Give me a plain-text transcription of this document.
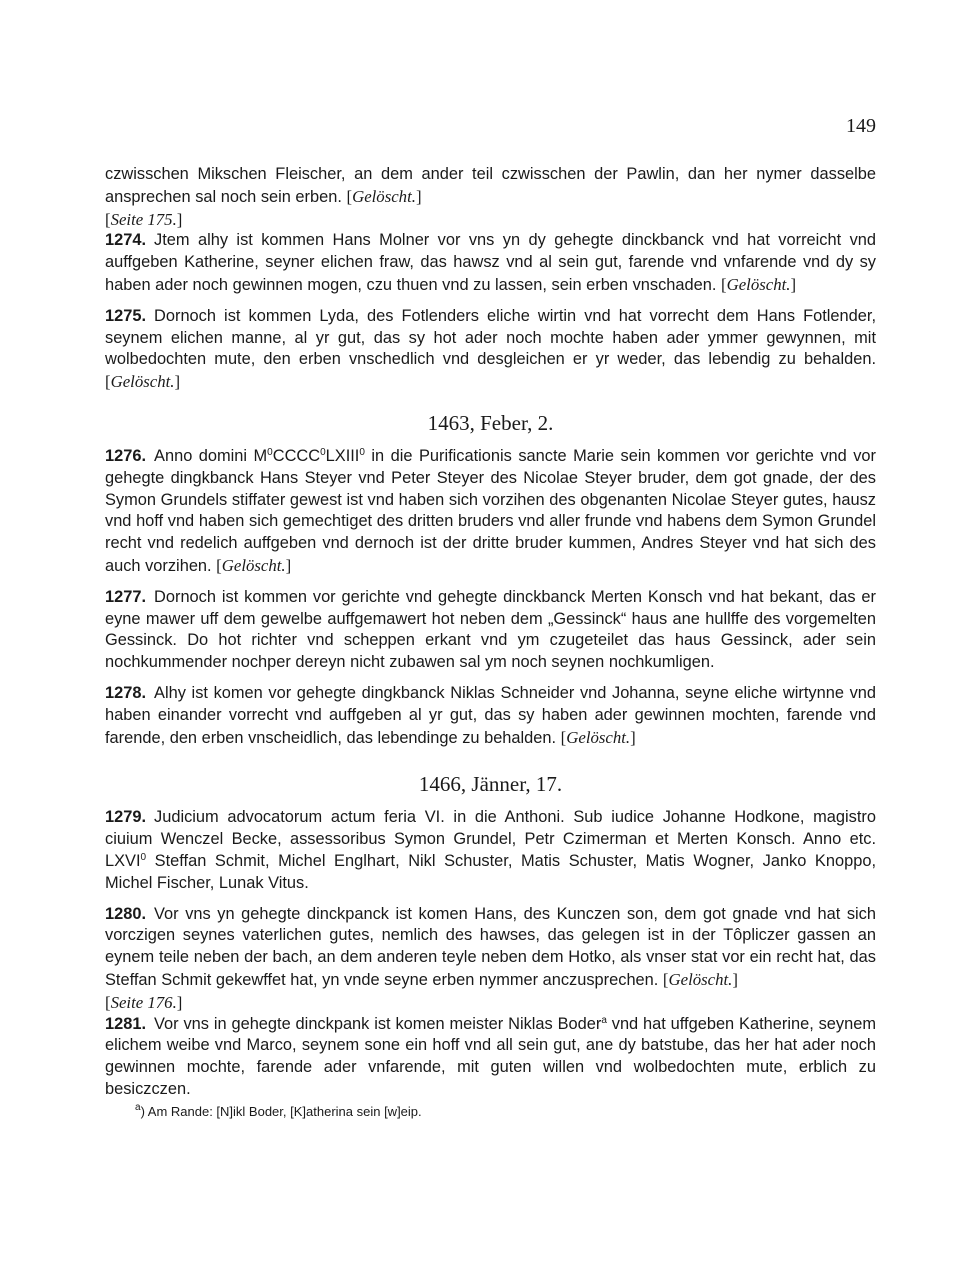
149

czwisschen Mikschen Fleischer, an dem ander teil czwisschen der Pawlin, dan her nymer dasselbe ansprechen sal noch sein erben. [Gelöscht.]

[Seite 175.]

1274. Jtem alhy ist kommen Hans Molner vor vns yn dy gehegte dinckbanck vnd hat vorreicht vnd auffgeben Katherine, seyner elichen fraw, das hawsz vnd al sein gut, farende vnd vnfarende vnd dy sy haben ader noch gewinnen mogen, czu thuen vnd zu lassen, sein erben vnschaden. [Gelöscht.]

1275. Dornoch ist kommen Lyda, des Fotlenders eliche wirtin vnd hat vorrecht dem Hans Fotlender, seynem elichen manne, al yr gut, das sy hot ader noch mochte haben ader ymmer gewynnen, mit wolbedochten mute, den erben vnschedlich vnd desgleichen er yr weder, das lebendig zu behalden. [Gelöscht.]

1463, Feber, 2.

1276. Anno domini $M^0CCCC^0LXIII^0$ in die Purificationis sancte Marie sein kommen vor gerichte vnd vor gehegte dingkbanck Hans Steyer vnd Peter Steyer des Nicolae Steyer bruder, dem got gnade, der des Symon Grundels stiffater gewest ist vnd haben sich vorzihen des obgenanten Nicolae Steyer gutes, hausz vnd hoff vnd haben sich gemechtiget des dritten bruders vnd aller frunde vnd habens dem Symon Grundel recht vnd redelich auffgeben vnd dernoch ist der dritte bruder kummen, Andres Steyer vnd hat sich des auch vorzihen. [Gelöscht.]

1277. Dornoch ist kommen vor gerichte vnd gehegte dinckbanck Merten Konsch vnd hat bekant, das er eyne mawer uff dem gewelbe auffgemawert hot neben dem „Gessinck“ haus ane hullffe des vorgemelten Gessinck. Do hot richter vnd scheppen erkant vnd ym czugeteilet das haus Gessinck, ader sein nochkummender nochper dereyn nicht zubawen sal ym noch seynen nochkumligen.

1278. Alhy ist komen vor gehegte dingkbanck Niklas Schneider vnd Johanna, seyne eliche wirtynne vnd haben einander vorrecht vnd auffgeben al yr gut, das sy haben ader gewinnen mochten, farende vnd farende, den erben vnscheidlich, das lebendinge zu behalden. [Gelöscht.]

1466, Jänner, 17.

1279. Judicium advocatorum actum feria VI. in die Anthoni. Sub iudice Johanne Hodkone, magistro ciuium Wenczel Becke, assessoribus Symon Grundel, Petr Czimerman et Merten Konsch. Anno etc. LXVI$^0$ Steffan Schmit, Michel Englhart, Nikl Schuster, Matis Schuster, Matis Wogner, Janko Knoppo, Michel Fischer, Lunak Vitus.

1280. Vor vns yn gehegte dinckpanck ist komen Hans, des Kunczen son, dem got gnade vnd hat sich vorczigen seynes vaterlichen gutes, nemlich des hawses, das gelegen ist in der Tôpliczer gassen an eynem teile neben der bach, an dem anderen teyle neben dem Hotko, als vnser stat vor ein recht hat, das Steffan Schmit gekewffet hat, yn vnde seyne erben nymmer anczusprechen. [Gelöscht.]

[Seite 176.]

1281. Vor vns in gehegte dinckpank ist komen meister Niklas Boder$^a$ vnd hat uffgeben Katherine, seynem elichem weibe vnd Marco, seynem sone ein hoff vnd all sein gut, ane dy batstube, das her hat ader noch gewinnen mochte, farende ader vnfarende, mit guten willen vnd wolbedochten mute, erblich zu besiczczen.

$^a$) Am Rande: [N]ikl Boder, [K]atherina sein [w]eip.
